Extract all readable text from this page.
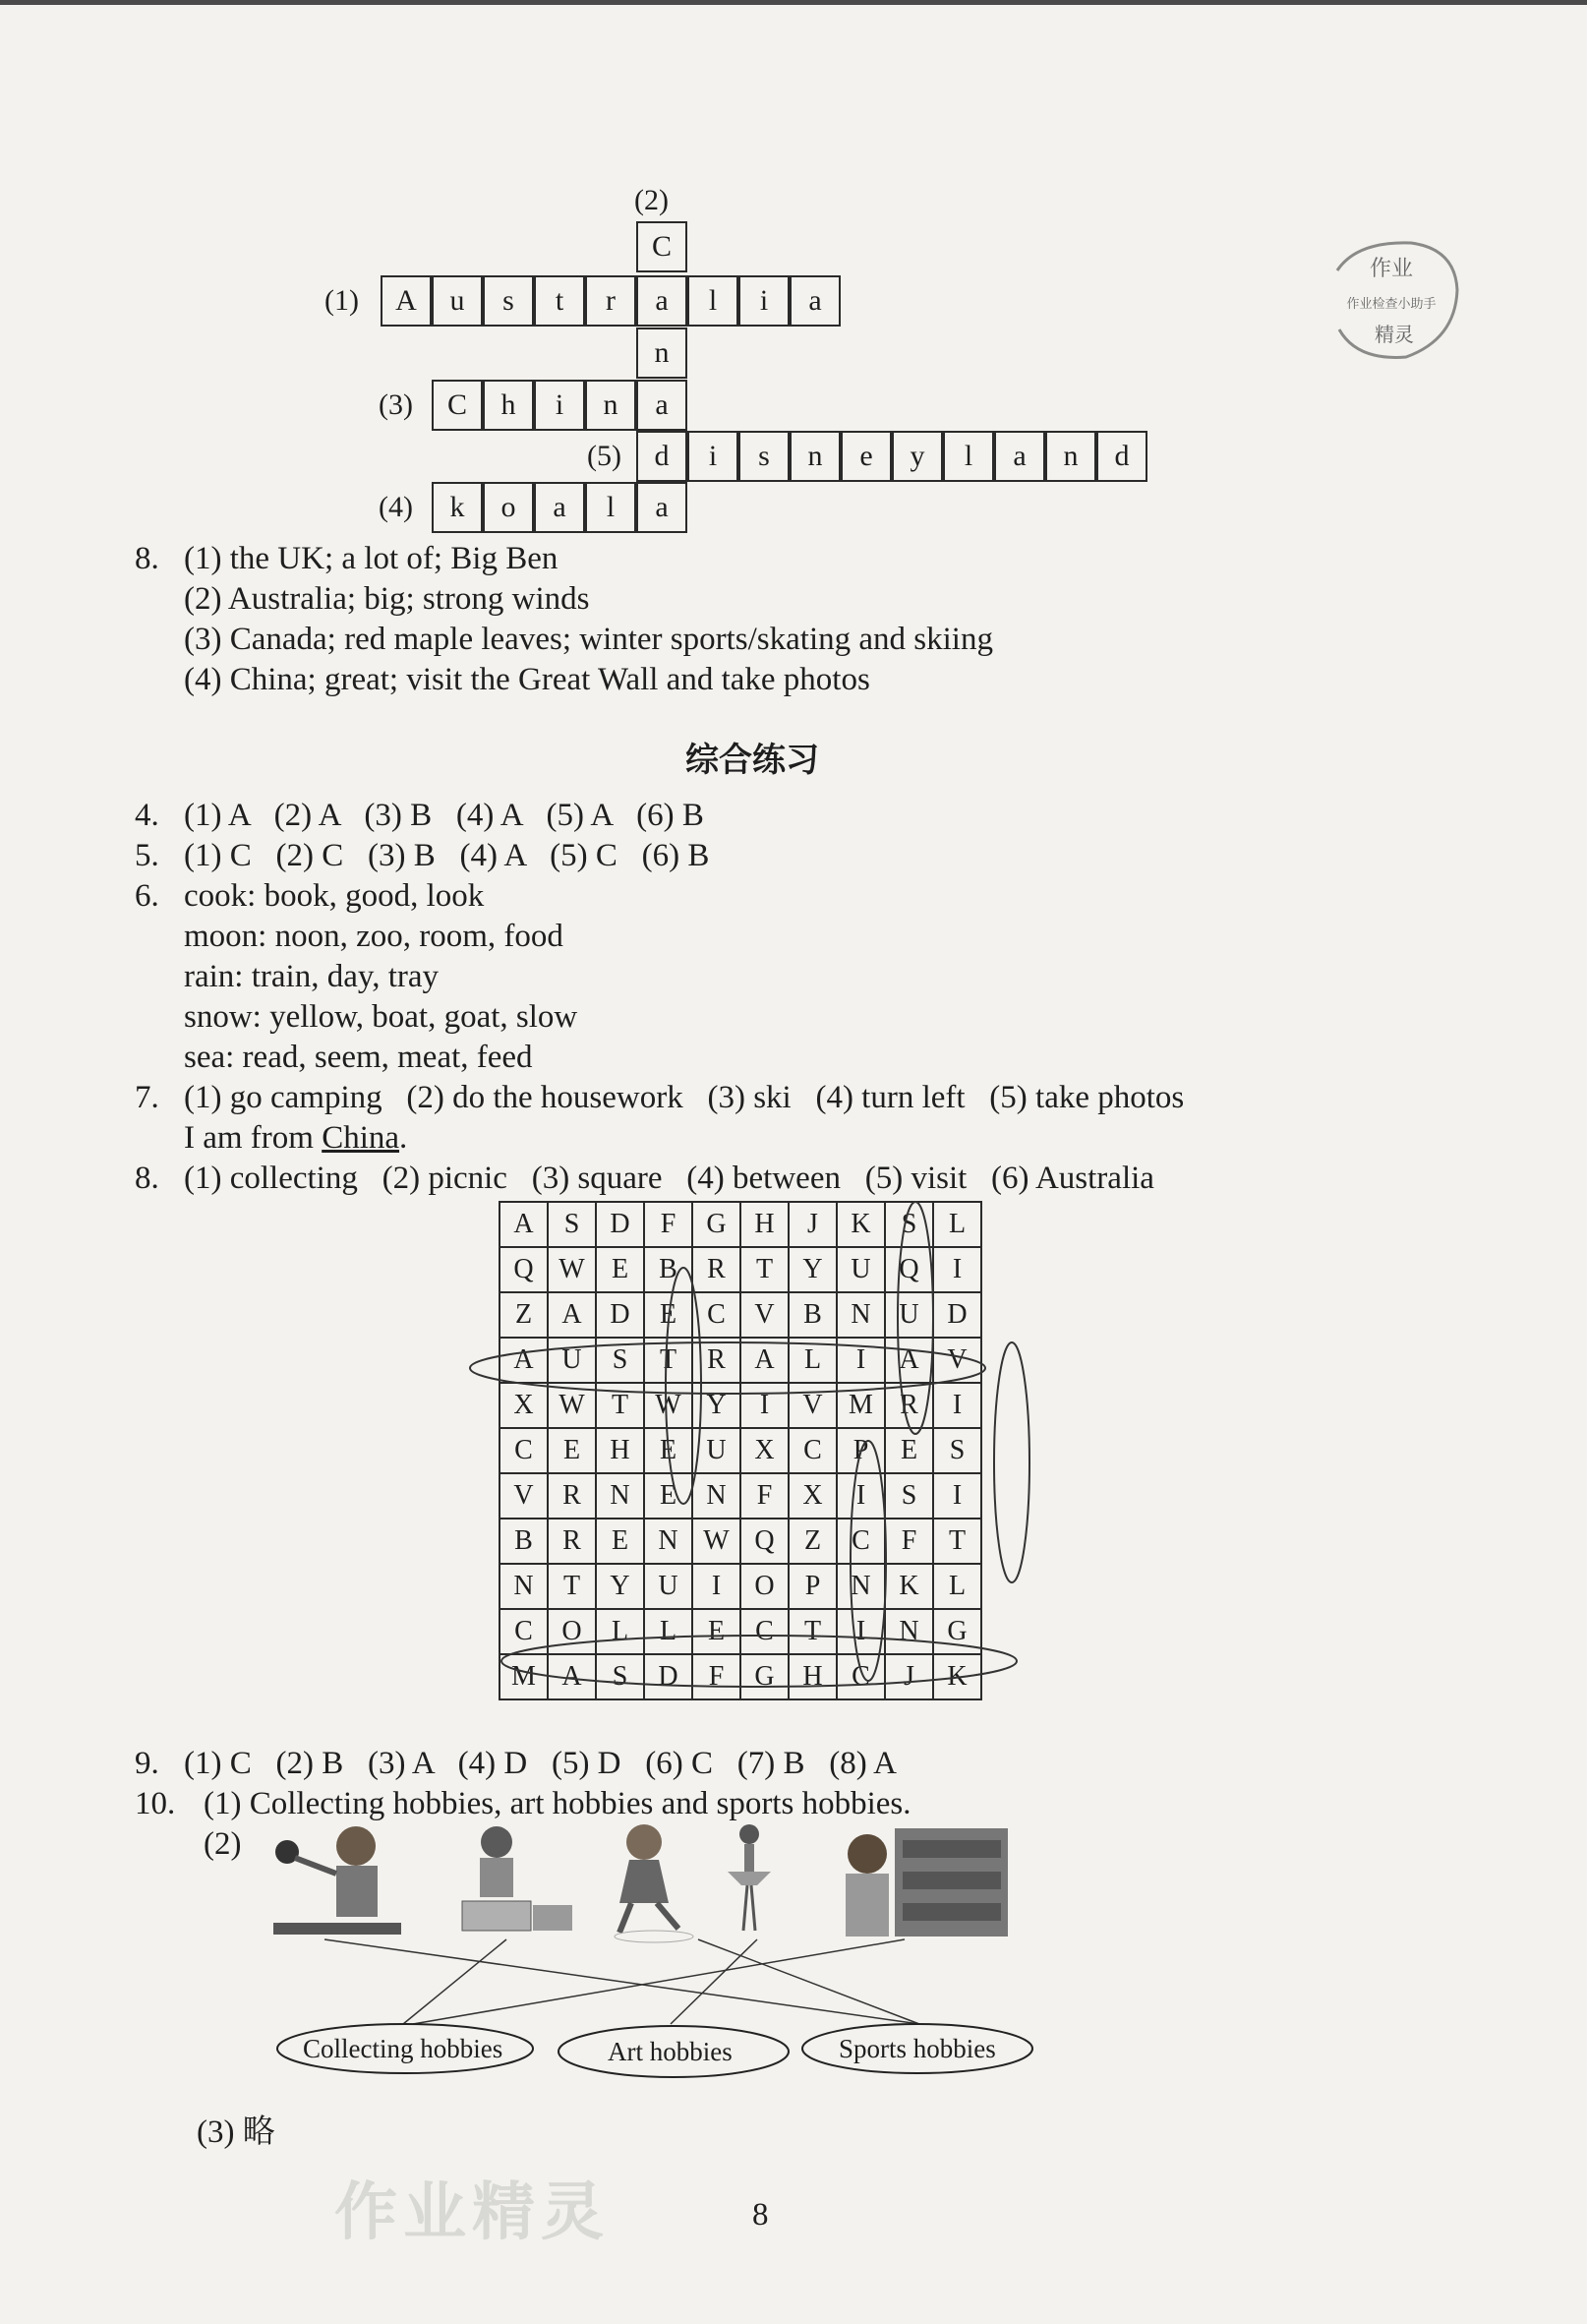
作业
作业检查小助手
精灵
(2)
C
(1)	A	u	s	t	r	a	l	i	a
n
(3)	C	h	i	n	a
(5)	d	i	s	n	e	y	l	a	n	d
(4)	k	o	a	l	a
8. (1) the UK; a lot of; Big Ben
(2) Australia; big; strong winds
(3) Canada; red maple leaves; winter sports/skating and skiing
(4) China; great; visit the Great Wall and take photos
综合练习
4. (1) A   (2) A   (3) B   (4) A   (5) A   (6) B
5. (1) C   (2) C   (3) B   (4) A   (5) C   (6) B
6. cook: book, good, look
moon: noon, zoo, room, food
rain: train, day, tray
snow: yellow, boat, goat, slow
sea: read, seem, meat, feed
7. (1) go camping   (2) do the housework   (3) ski   (4) turn left   (5) take photos
I am from China.
8. (1) collecting   (2) picnic   (3) square   (4) between   (5) visit   (6) Australia
A	S	D	F	G	H	J	K	S	L
Q	W	E	B	R	T	Y	U	Q	I
Z	A	D	E	C	V	B	N	U	D
A	U	S	T	R	A	L	I	A	V
X	W	T	W	Y	I	V	M	R	I
C	E	H	E	U	X	C	P	E	S
V	R	N	E	N	F	X	I	S	I
B	R	E	N	W	Q	Z	C	F	T
N	T	Y	U	I	O	P	N	K	L
C	O	L	L	E	C	T	I	N	G
M	A	S	D	F	G	H	C	J	K
9. (1) C   (2) B   (3) A   (4) D   (5) D   (6) C   (7) B   (8) A
10. (1) Collecting hobbies, art hobbies and sports hobbies.
(2)
Collecting hobbies	Art hobbies	Sports hobbies
(3) 略
作业精灵	8
